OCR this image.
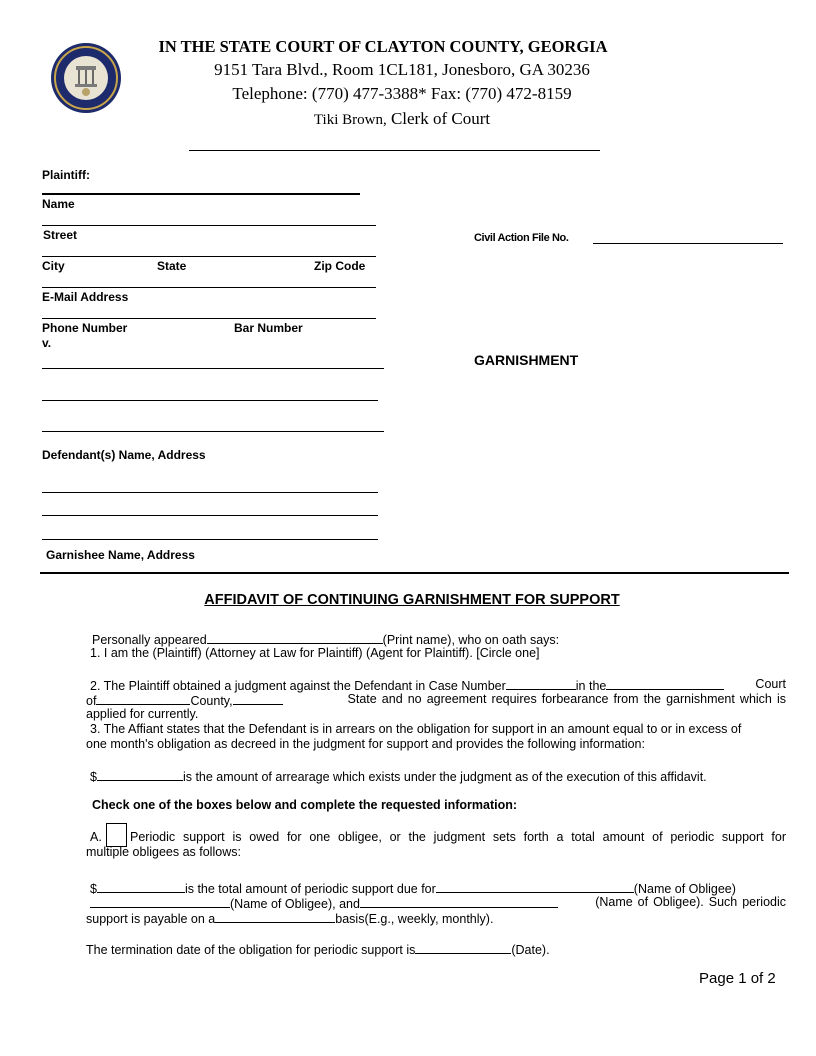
IN THE STATE COURT OF CLAYTON COUNTY, GEORGIA
9151 Tara Blvd., Room 1CL181, Jonesboro, GA 30236
Telephone: (770) 477-3388* Fax: (770) 472-8159
Tiki Brown, Clerk of Court
Plaintiff:
Name
Street
City	State	Zip Code
E-Mail Address
Phone Number	Bar Number
v.
Defendant(s) Name, Address
Garnishee Name, Address
Civil Action File No.
GARNISHMENT
AFFIDAVIT OF CONTINUING GARNISHMENT FOR SUPPORT
Personally appeared	(Print name), who on oath says:
1. I am the (Plaintiff) (Attorney at Law for Plaintiff) (Agent for Plaintiff). [Circle one]
2. The Plaintiff obtained a judgment against the Defendant in Case Number	in the	Court
of	County,	State and no agreement requires forbearance from the garnishment which is
applied for currently.
3. The Affiant states that the Defendant is in arrears on the obligation for support in an amount equal to or in excess of
one month's obligation as decreed in the judgment for support and provides the following information:
$	is the amount of arrearage which exists under the judgment as of the execution of this affidavit.
Check one of the boxes below and complete the requested information:
A. Periodic support is owed for one obligee, or the judgment sets forth a total amount of periodic support for
multiple obligees as follows:
$	is the total amount of periodic support due for	(Name of Obligee)
(Name of Obligee), and	(Name of Obligee). Such periodic
support is payable on a	basis(E.g., weekly, monthly).
The termination date of the obligation for periodic support is	(Date).
Page 1 of 2
